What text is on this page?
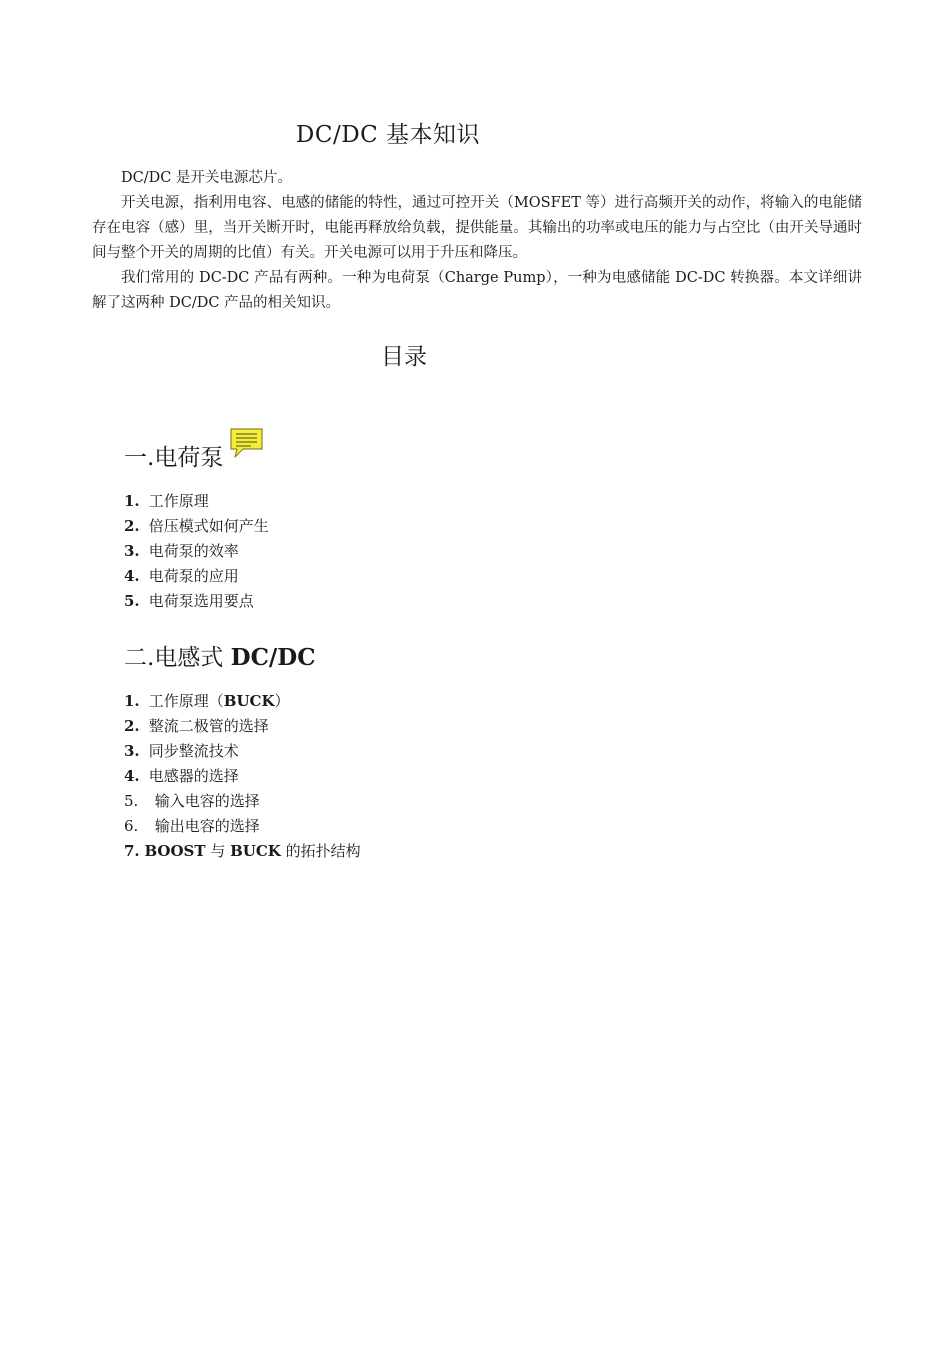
DC/DC 基本知识

DC/DC 是开关电源芯片。

开关电源，指利用电容、电感的储能的特性，通过可控开关（MOSFET 等）进行高频开关的动作，将输入的电能储存在电容（感）里，当开关断开时，电能再释放给负载，提供能量。其输出的功率或电压的能力与占空比（由开关导通时间与整个开关的周期的比值）有关。开关电源可以用于升压和降压。

我们常用的 DC-DC 产品有两种。一种为电荷泵（Charge Pump），一种为电感储能 DC-DC 转换器。本文详细讲解了这两种 DC/DC 产品的相关知识。

目录
一.电荷泵
1. 工作原理
2. 倍压模式如何产生
3. 电荷泵的效率
4. 电荷泵的应用
5. 电荷泵选用要点
二.电感式 DC/DC
1. 工作原理（BUCK）
2. 整流二极管的选择
3. 同步整流技术
4. 电感器的选择
5. 输入电容的选择
6. 输出电容的选择
7. BOOST 与 BUCK 的拓扑结构
